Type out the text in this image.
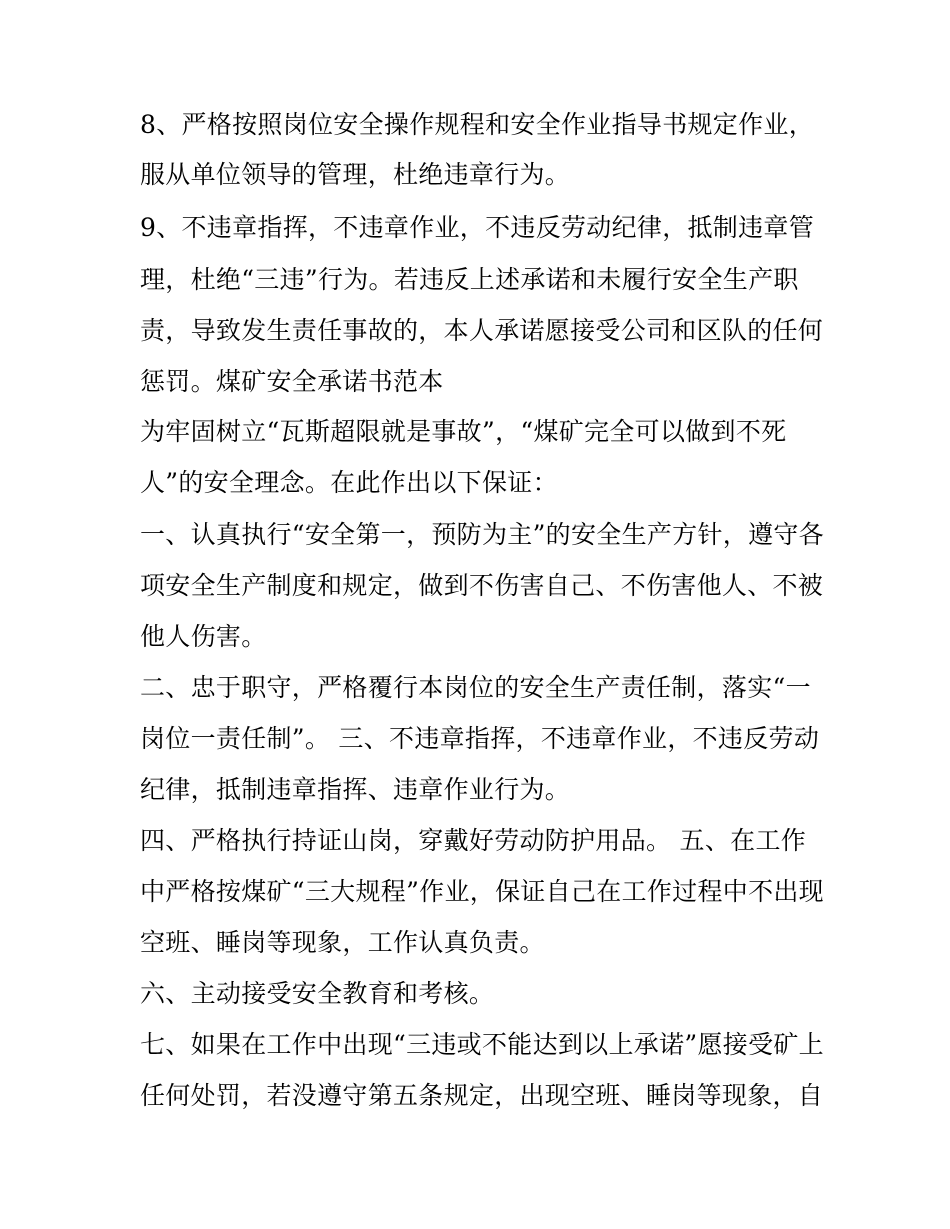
8、严格按照岗位安全操作规程和安全作业指导书规定作业，
服从单位领导的管理，杜绝违章行为。
9、不违章指挥，不违章作业，不违反劳动纪律，抵制违章管
理，杜绝“三违”行为。若违反上述承诺和未履行安全生产职
责，导致发生责任事故的，本人承诺愿接受公司和区队的任何
惩罚。煤矿安全承诺书范本
为牢固树立“瓦斯超限就是事故”，“煤矿完全可以做到不死
人”的安全理念。在此作出以下保证：
一、认真执行“安全第一，预防为主”的安全生产方针，遵守各
项安全生产制度和规定，做到不伤害自己、不伤害他人、不被
他人伤害。
二、忠于职守，严格覆行本岗位的安全生产责任制，落实“一
岗位一责任制”。 三、不违章指挥，不违章作业，不违反劳动
纪律，抵制违章指挥、违章作业行为。
四、严格执行持证山岗，穿戴好劳动防护用品。 五、在工作
中严格按煤矿“三大规程”作业，保证自己在工作过程中不出现
空班、睡岗等现象，工作认真负责。
六、主动接受安全教育和考核。
七、如果在工作中出现“三违或不能达到以上承诺”愿接受矿上
任何处罚，若没遵守第五条规定，出现空班、睡岗等现象，自
